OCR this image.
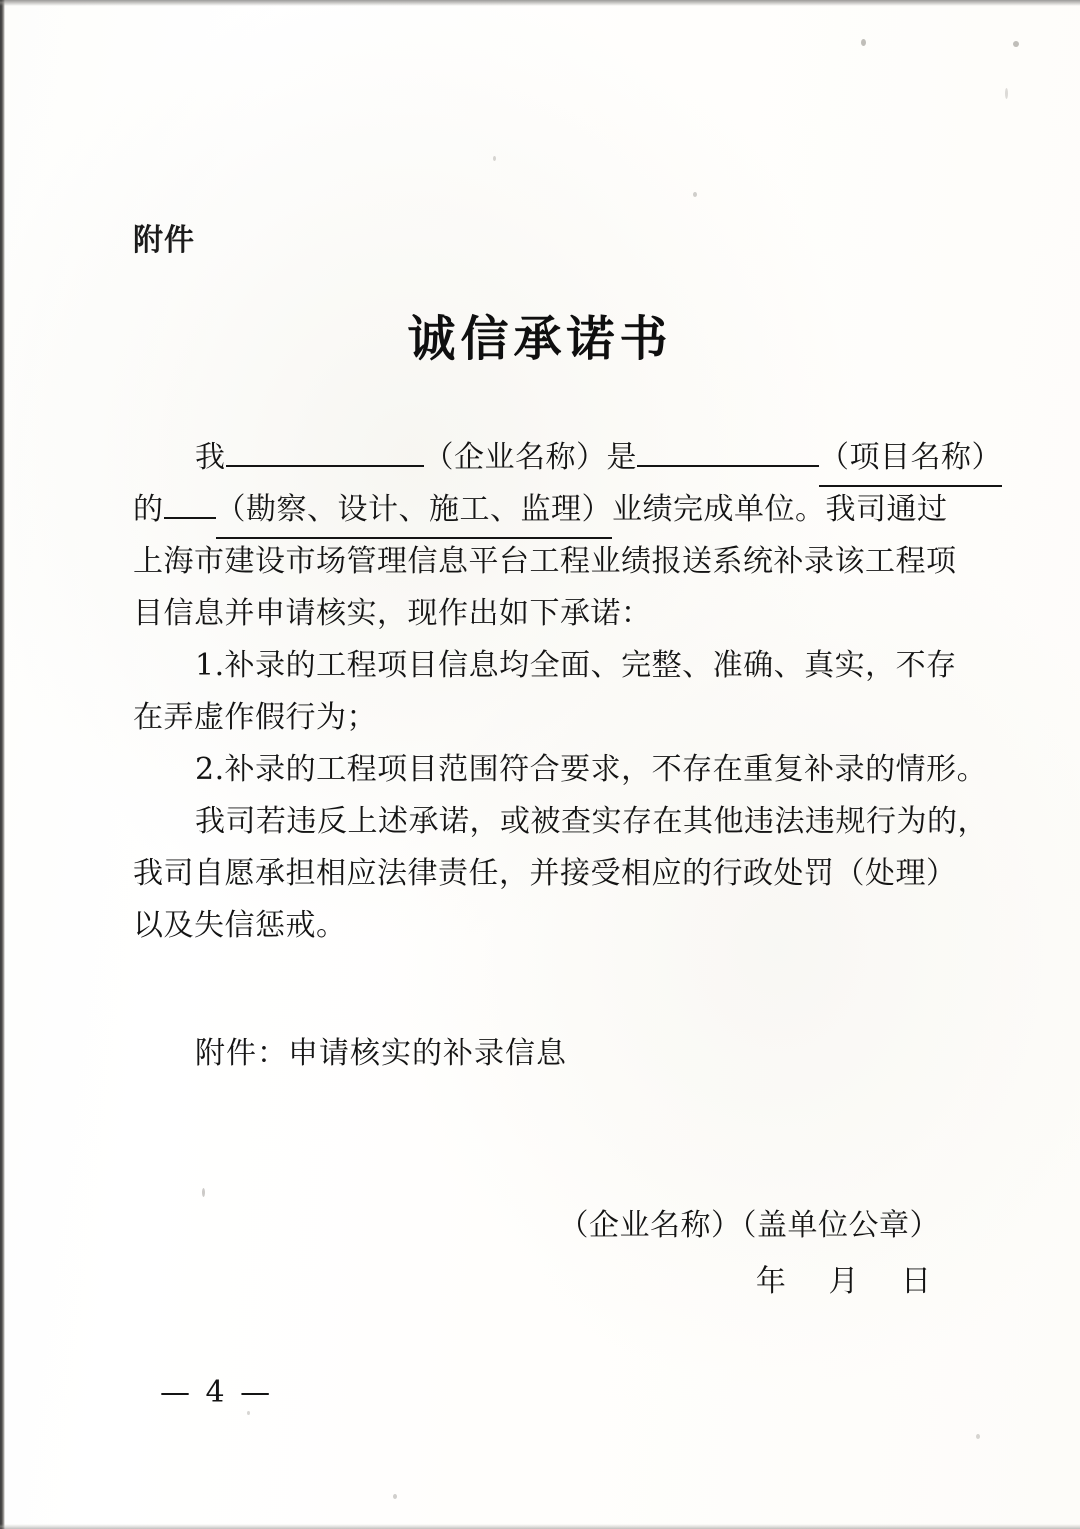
附件
诚信承诺书
我	（企业名称）是	（项目名称）
的 （勘察、设计、施工、监理）业绩完成单位。我司通过
上海市建设市场管理信息平台工程业绩报送系统补录该工程项
目信息并申请核实，现作出如下承诺：
1.补录的工程项目信息均全面、完整、准确、真实，不存
在弄虚作假行为；
2.补录的工程项目范围符合要求，不存在重复补录的情形。
我司若违反上述承诺，或被查实存在其他违法违规行为的，
我司自愿承担相应法律责任，并接受相应的行政处罚（处理）
以及失信惩戒。
附件：申请核实的补录信息
（企业名称）（盖单位公章）
年　 月　 日
— 4 —
